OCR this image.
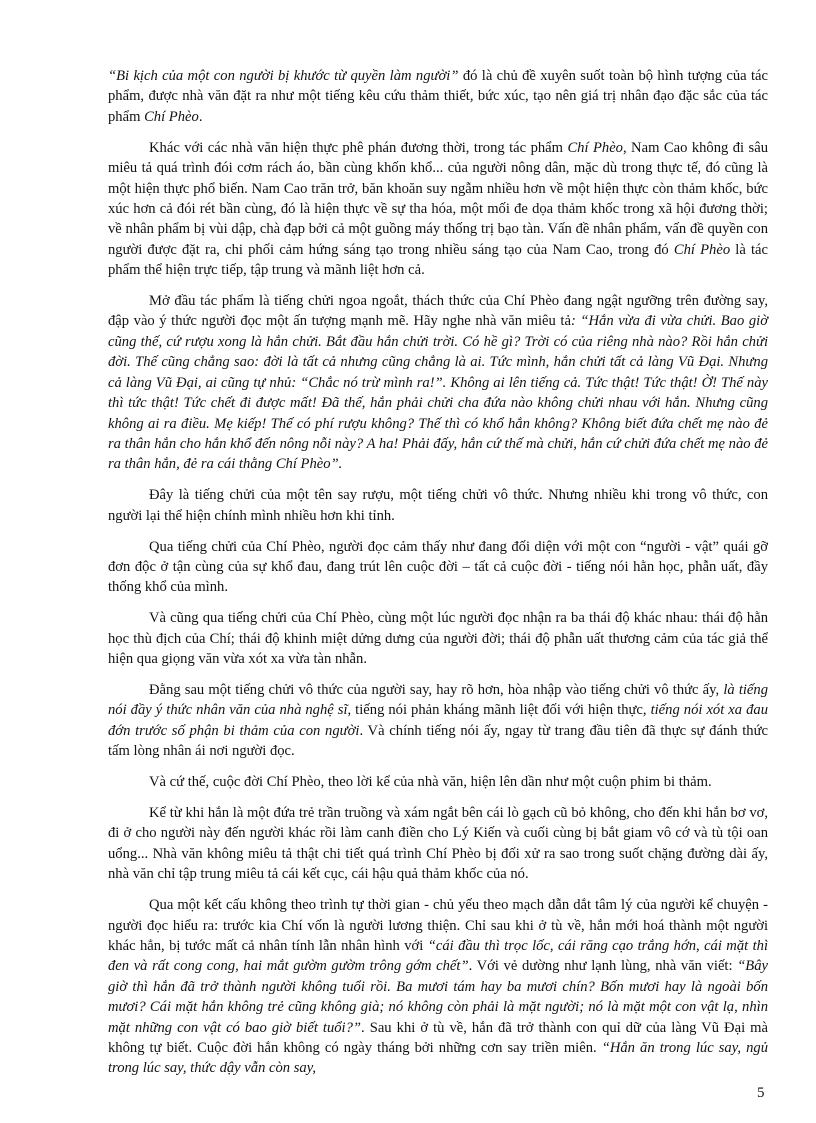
“Bi kịch của một con người bị khước từ quyền làm người” đó là chủ đề xuyên suốt toàn bộ hình tượng của tác phẩm, được nhà văn đặt ra như một tiếng kêu cứu thảm thiết, bức xúc, tạo nên giá trị nhân đạo đặc sắc của tác phẩm Chí Phèo.

Khác với các nhà văn hiện thực phê phán đương thời, trong tác phẩm Chí Phèo, Nam Cao không đi sâu miêu tả quá trình đói cơm rách áo, bần cùng khốn khổ... của người nông dân, mặc dù trong thực tế, đó cũng là một hiện thực phổ biến. Nam Cao trăn trở, băn khoăn suy ngẫm nhiều hơn về một hiện thực còn thảm khốc, bức xúc hơn cả đói rét bần cùng, đó là hiện thực về sự tha hóa, một mối đe dọa thảm khốc trong xã hội đương thời; về nhân phẩm bị vùi dập, chà đạp bởi cả một guồng máy thống trị bạo tàn. Vấn đề nhân phẩm, vấn đề quyền con người được đặt ra, chi phối cảm hứng sáng tạo trong nhiều sáng tạo của Nam Cao, trong đó Chí Phèo là tác phẩm thể hiện trực tiếp, tập trung và mãnh liệt hơn cả.

Mở đầu tác phẩm là tiếng chửi ngoa ngoắt, thách thức của Chí Phèo đang ngật ngưỡng trên đường say, đập vào ý thức người đọc một ấn tượng mạnh mẽ. Hãy nghe nhà văn miêu tả: “Hắn vừa đi vừa chửi. Bao giờ cũng thế, cứ rượu xong là hắn chửi. Bắt đầu hắn chửi trời. Có hề gì? Trời có của riêng nhà nào? Rồi hắn chửi đời. Thế cũng chẳng sao: đời là tất cả nhưng cũng chẳng là ai. Tức mình, hắn chửi tất cả làng Vũ Đại. Nhưng cả làng Vũ Đại, ai cũng tự nhủ: “Chắc nó trừ mình ra!”. Không ai lên tiếng cả. Tức thật! Tức thật! Ờ! Thế này thì tức thật! Tức chết đi được mất! Đã thế, hắn phải chửi cha đứa nào không chửi nhau với hắn. Nhưng cũng không ai ra điều. Mẹ kiếp! Thế có phí rượu không? Thế thì có khổ hắn không? Không biết đứa chết mẹ nào đẻ ra thân hắn cho hắn khổ đến nông nỗi này? A ha! Phải đấy, hắn cứ thế mà chửi, hắn cứ chửi đứa chết mẹ nào đẻ ra thân hắn, đẻ ra cái thằng Chí Phèo”.

Đây là tiếng chửi của một tên say rượu, một tiếng chửi vô thức. Nhưng nhiều khi trong vô thức, con người lại thể hiện chính mình nhiều hơn khi tỉnh.

Qua tiếng chửi của Chí Phèo, người đọc cảm thấy như đang đối diện với một con “người - vật” quái gỡ đơn độc ở tận cùng của sự khổ đau, đang trút lên cuộc đời – tất cả cuộc đời - tiếng nói hằn học, phẫn uất, đầy thống khổ của mình.

Và cũng qua tiếng chửi của Chí Phèo, cùng một lúc người đọc nhận ra ba thái độ khác nhau: thái độ hằn học thù địch của Chí; thái độ khinh miệt dửng dưng của người đời; thái độ phẫn uất thương cảm của tác giả thể hiện qua giọng văn vừa xót xa vừa tàn nhẫn.

Đằng sau một tiếng chửi vô thức của người say, hay rõ hơn, hòa nhập vào tiếng chửi vô thức ấy, là tiếng nói đầy ý thức nhân văn của nhà nghệ sĩ, tiếng nói phản kháng mãnh liệt đối với hiện thực, tiếng nói xót xa đau đớn trước số phận bi thảm của con người. Và chính tiếng nói ấy, ngay từ trang đầu tiên đã thực sự đánh thức tấm lòng nhân ái nơi người đọc.

Và cứ thế, cuộc đời Chí Phèo, theo lời kể của nhà văn, hiện lên dần như một cuộn phim bi thảm.

Kể từ khi hắn là một đứa trẻ trần truồng và xám ngắt bên cái lò gạch cũ bỏ không, cho đến khi hắn bơ vơ, đi ở cho người này đến người khác rồi làm canh điền cho Lý Kiến và cuối cùng bị bắt giam vô cớ và tù tội oan uổng... Nhà văn không miêu tả thật chi tiết quá trình Chí Phèo bị đối xử ra sao trong suốt chặng đường dài ấy, nhà văn chỉ tập trung miêu tả cái kết cục, cái hậu quả thảm khốc của nó.

Qua một kết cấu không theo trình tự thời gian - chủ yếu theo mạch dẫn dắt tâm lý của người kể chuyện - người đọc hiểu ra: trước kia Chí vốn là người lương thiện. Chỉ sau khi ở tù về, hắn mới hoá thành một người khác hẳn, bị tước mất cả nhân tính lẫn nhân hình với “cái đầu thì trọc lốc, cái răng cạo trắng hớn, cái mặt thì đen và rất cong cong, hai mắt gườm gườm trông gớm chết”. Với vẻ dường như lạnh lùng, nhà văn viết: “Bây giờ thì hắn đã trở thành người không tuổi rồi. Ba mươi tám hay ba mươi chín? Bốn mươi hay là ngoài bốn mươi? Cái mặt hắn không trẻ cũng không già; nó không còn phải là mặt người; nó là mặt một con vật lạ, nhìn mặt những con vật có bao giờ biết tuổi?”. Sau khi ở tù về, hắn đã trở thành con quỉ dữ của làng Vũ Đại mà không tự biết. Cuộc đời hắn không có ngày tháng bởi những cơn say triền miên. “Hắn ăn trong lúc say, ngủ trong lúc say, thức dậy vẫn còn say,

5
